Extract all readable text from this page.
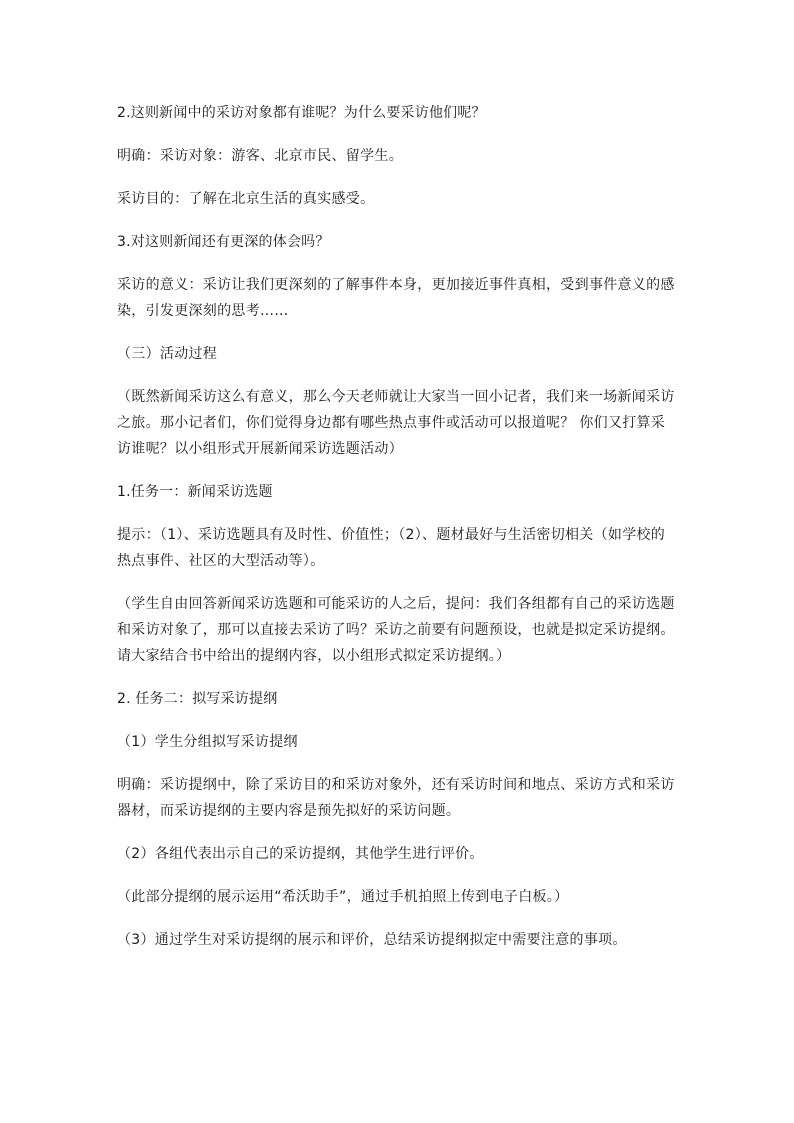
2.这则新闻中的采访对象都有谁呢？为什么要采访他们呢？

明确：采访对象：游客、北京市民、留学生。

采访目的：了解在北京生活的真实感受。

3.对这则新闻还有更深的体会吗？

采访的意义：采访让我们更深刻的了解事件本身，更加接近事件真相，受到事件意义的感染，引发更深刻的思考……

（三）活动过程

（既然新闻采访这么有意义，那么今天老师就让大家当一回小记者，我们来一场新闻采访之旅。那小记者们，你们觉得身边都有哪些热点事件或活动可以报道呢？ 你们又打算采访谁呢？以小组形式开展新闻采访选题活动）

1.任务一：新闻采访选题

提示：（1）、采访选题具有及时性、价值性；（2）、题材最好与生活密切相关（如学校的热点事件、社区的大型活动等）。

（学生自由回答新闻采访选题和可能采访的人之后，提问：我们各组都有自己的采访选题和采访对象了，那可以直接去采访了吗？采访之前要有问题预设，也就是拟定采访提纲。请大家结合书中给出的提纲内容，以小组形式拟定采访提纲。）

2. 任务二：拟写采访提纲

（1）学生分组拟写采访提纲

明确：采访提纲中，除了采访目的和采访对象外，还有采访时间和地点、采访方式和采访器材，而采访提纲的主要内容是预先拟好的采访问题。

（2）各组代表出示自己的采访提纲，其他学生进行评价。

（此部分提纲的展示运用“希沃助手”，通过手机拍照上传到电子白板。）

（3）通过学生对采访提纲的展示和评价，总结采访提纲拟定中需要注意的事项。
